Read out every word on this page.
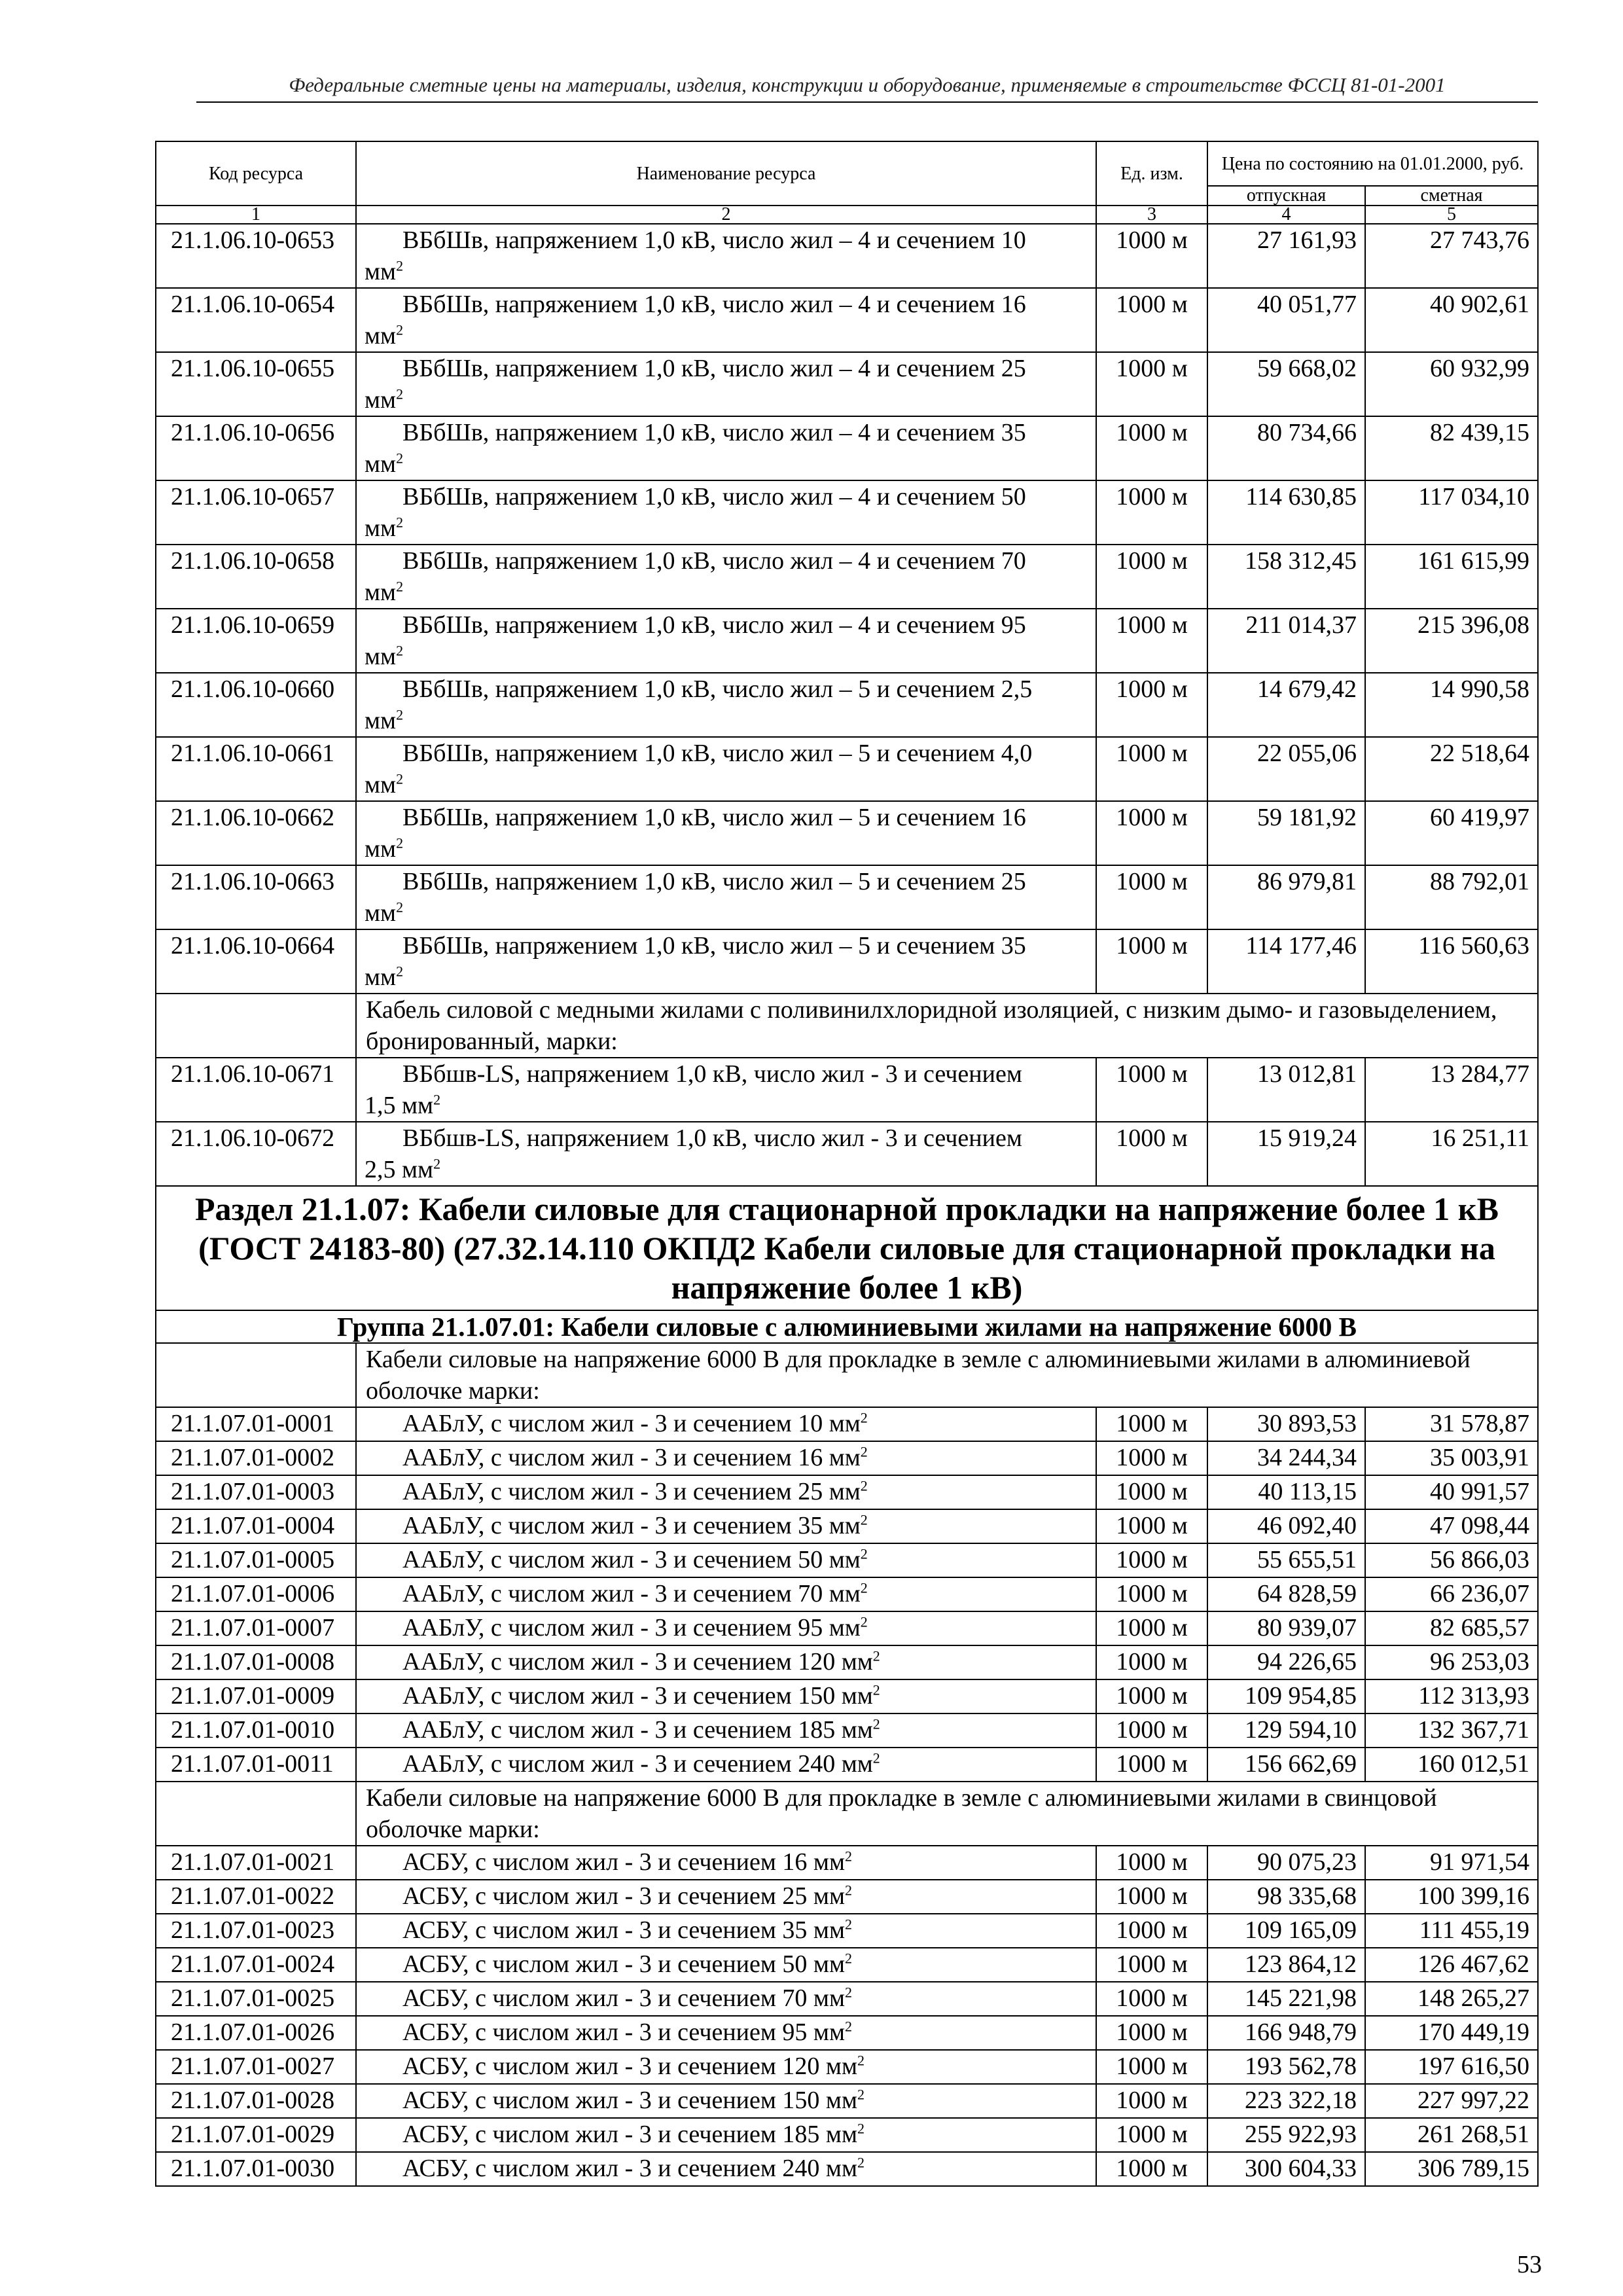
Федеральные сметные цены на материалы, изделия, конструкции и оборудование, применяемые в строительстве ФССЦ 81-01-2001
Код ресурса	Наименование ресурса	Ед. изм.	Цена по состоянию на 01.01.2000, руб.	
			отпускная	сметная
1	2	3	4	5
21.1.06.10-0653	ВБбШв, напряжением 1,0 кВ, число жил – 4 и сечением 10
$мм^2$	1000 м	27 161,93	27 743,76
21.1.06.10-0654	ВБбШв, напряжением 1,0 кВ, число жил – 4 и сечением 16
$мм^2$	1000 м	40 051,77	40 902,61
21.1.06.10-0655	ВБбШв, напряжением 1,0 кВ, число жил – 4 и сечением 25
$мм^2$	1000 м	59 668,02	60 932,99
21.1.06.10-0656	ВБбШв, напряжением 1,0 кВ, число жил – 4 и сечением 35
$мм^2$	1000 м	80 734,66	82 439,15
21.1.06.10-0657	ВБбШв, напряжением 1,0 кВ, число жил – 4 и сечением 50
$мм^2$	1000 м	114 630,85	117 034,10
21.1.06.10-0658	ВБбШв, напряжением 1,0 кВ, число жил – 4 и сечением 70
$мм^2$	1000 м	158 312,45	161 615,99
21.1.06.10-0659	ВБбШв, напряжением 1,0 кВ, число жил – 4 и сечением 95
$мм^2$	1000 м	211 014,37	215 396,08
21.1.06.10-0660	ВБбШв, напряжением 1,0 кВ, число жил – 5 и сечением 2,5
$мм^2$	1000 м	14 679,42	14 990,58
21.1.06.10-0661	ВБбШв, напряжением 1,0 кВ, число жил – 5 и сечением 4,0
$мм^2$	1000 м	22 055,06	22 518,64
21.1.06.10-0662	ВБбШв, напряжением 1,0 кВ, число жил – 5 и сечением 16
$мм^2$	1000 м	59 181,92	60 419,97
21.1.06.10-0663	ВБбШв, напряжением 1,0 кВ, число жил – 5 и сечением 25
$мм^2$	1000 м	86 979,81	88 792,01
21.1.06.10-0664	ВБбШв, напряжением 1,0 кВ, число жил – 5 и сечением 35
$мм^2$	1000 м	114 177,46	116 560,63
	Кабель силовой с медными жилами с поливинилхлоридной изоляцией, с низким дымо- и газовыделением, бронированный, марки:			
21.1.06.10-0671	ВБбшв-LS, напряжением 1,0 кВ, число жил - 3 и сечением
1,5 $мм^2$	1000 м	13 012,81	13 284,77
21.1.06.10-0672	ВБбшв-LS, напряжением 1,0 кВ, число жил - 3 и сечением
2,5 $мм^2$	1000 м	15 919,24	16 251,11
Раздел 21.1.07: Кабели силовые для стационарной прокладки на напряжение более 1 кВ (ГОСТ 24183-80) (27.32.14.110 ОКПД2 Кабели силовые для стационарной прокладки на напряжение более 1 кВ)				
Группа 21.1.07.01: Кабели силовые с алюминиевыми жилами на напряжение 6000 В				
	Кабели силовые на напряжение 6000 В для прокладке в земле с алюминиевыми жилами в алюминиевой оболочке марки:			
21.1.07.01-0001	ААБлУ, с числом жил - 3 и сечением 10 $мм^2$	1000 м	30 893,53	31 578,87
21.1.07.01-0002	ААБлУ, с числом жил - 3 и сечением 16 $мм^2$	1000 м	34 244,34	35 003,91
21.1.07.01-0003	ААБлУ, с числом жил - 3 и сечением 25 $мм^2$	1000 м	40 113,15	40 991,57
21.1.07.01-0004	ААБлУ, с числом жил - 3 и сечением 35 $мм^2$	1000 м	46 092,40	47 098,44
21.1.07.01-0005	ААБлУ, с числом жил - 3 и сечением 50 $мм^2$	1000 м	55 655,51	56 866,03
21.1.07.01-0006	ААБлУ, с числом жил - 3 и сечением 70 $мм^2$	1000 м	64 828,59	66 236,07
21.1.07.01-0007	ААБлУ, с числом жил - 3 и сечением 95 $мм^2$	1000 м	80 939,07	82 685,57
21.1.07.01-0008	ААБлУ, с числом жил - 3 и сечением 120 $мм^2$	1000 м	94 226,65	96 253,03
21.1.07.01-0009	ААБлУ, с числом жил - 3 и сечением 150 $мм^2$	1000 м	109 954,85	112 313,93
21.1.07.01-0010	ААБлУ, с числом жил - 3 и сечением 185 $мм^2$	1000 м	129 594,10	132 367,71
21.1.07.01-0011	ААБлУ, с числом жил - 3 и сечением 240 $мм^2$	1000 м	156 662,69	160 012,51
	Кабели силовые на напряжение 6000 В для прокладке в земле с алюминиевыми жилами в свинцовой оболочке марки:			
21.1.07.01-0021	АСБУ, с числом жил - 3 и сечением 16 $мм^2$	1000 м	90 075,23	91 971,54
21.1.07.01-0022	АСБУ, с числом жил - 3 и сечением 25 $мм^2$	1000 м	98 335,68	100 399,16
21.1.07.01-0023	АСБУ, с числом жил - 3 и сечением 35 $мм^2$	1000 м	109 165,09	111 455,19
21.1.07.01-0024	АСБУ, с числом жил - 3 и сечением 50 $мм^2$	1000 м	123 864,12	126 467,62
21.1.07.01-0025	АСБУ, с числом жил - 3 и сечением 70 $мм^2$	1000 м	145 221,98	148 265,27
21.1.07.01-0026	АСБУ, с числом жил - 3 и сечением 95 $мм^2$	1000 м	166 948,79	170 449,19
21.1.07.01-0027	АСБУ, с числом жил - 3 и сечением 120 $мм^2$	1000 м	193 562,78	197 616,50
21.1.07.01-0028	АСБУ, с числом жил - 3 и сечением 150 $мм^2$	1000 м	223 322,18	227 997,22
21.1.07.01-0029	АСБУ, с числом жил - 3 и сечением 185 $мм^2$	1000 м	255 922,93	261 268,51
21.1.07.01-0030	АСБУ, с числом жил - 3 и сечением 240 $мм^2$	1000 м	300 604,33	306 789,15
53
